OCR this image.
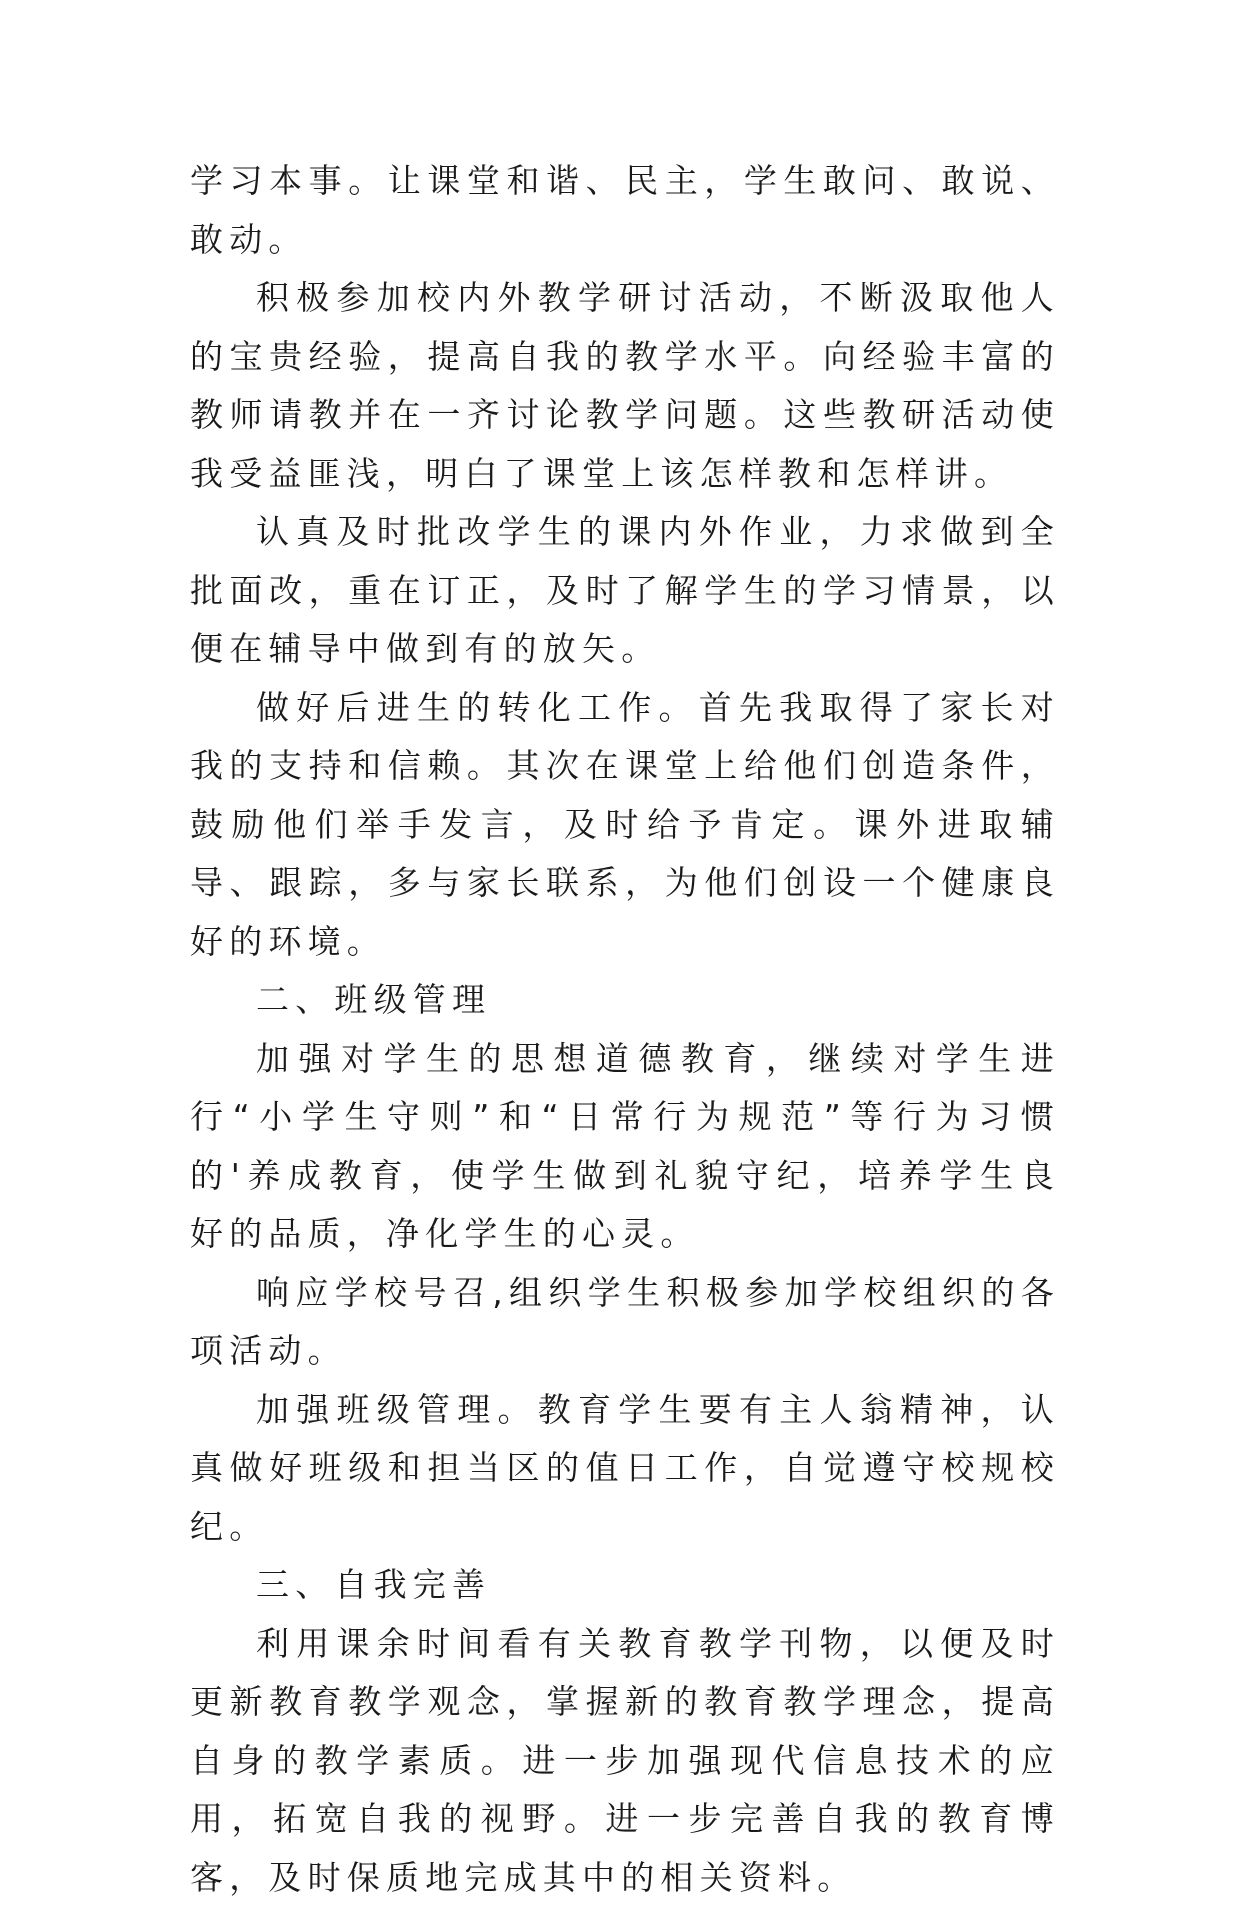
学习本事。让课堂和谐、民主，学生敢问、敢说、敢动。

积极参加校内外教学研讨活动，不断汲取他人的宝贵经验，提高自我的教学水平。向经验丰富的教师请教并在一齐讨论教学问题。这些教研活动使我受益匪浅，明白了课堂上该怎样教和怎样讲。

认真及时批改学生的课内外作业，力求做到全批面改，重在订正，及时了解学生的学习情景，以便在辅导中做到有的放矢。

做好后进生的转化工作。首先我取得了家长对我的支持和信赖。其次在课堂上给他们创造条件，鼓励他们举手发言，及时给予肯定。课外进取辅导、跟踪，多与家长联系，为他们创设一个健康良好的环境。

二、班级管理

加强对学生的思想道德教育，继续对学生进行“小学生守则”和“日常行为规范”等行为习惯的'养成教育，使学生做到礼貌守纪，培养学生良好的品质，净化学生的心灵。

响应学校号召,组织学生积极参加学校组织的各项活动。

加强班级管理。教育学生要有主人翁精神，认真做好班级和担当区的值日工作，自觉遵守校规校纪。

三、自我完善

利用课余时间看有关教育教学刊物，以便及时更新教育教学观念，掌握新的教育教学理念，提高自身的教学素质。进一步加强现代信息技术的应用，拓宽自我的视野。进一步完善自我的教育博客，及时保质地完成其中的相关资料。
